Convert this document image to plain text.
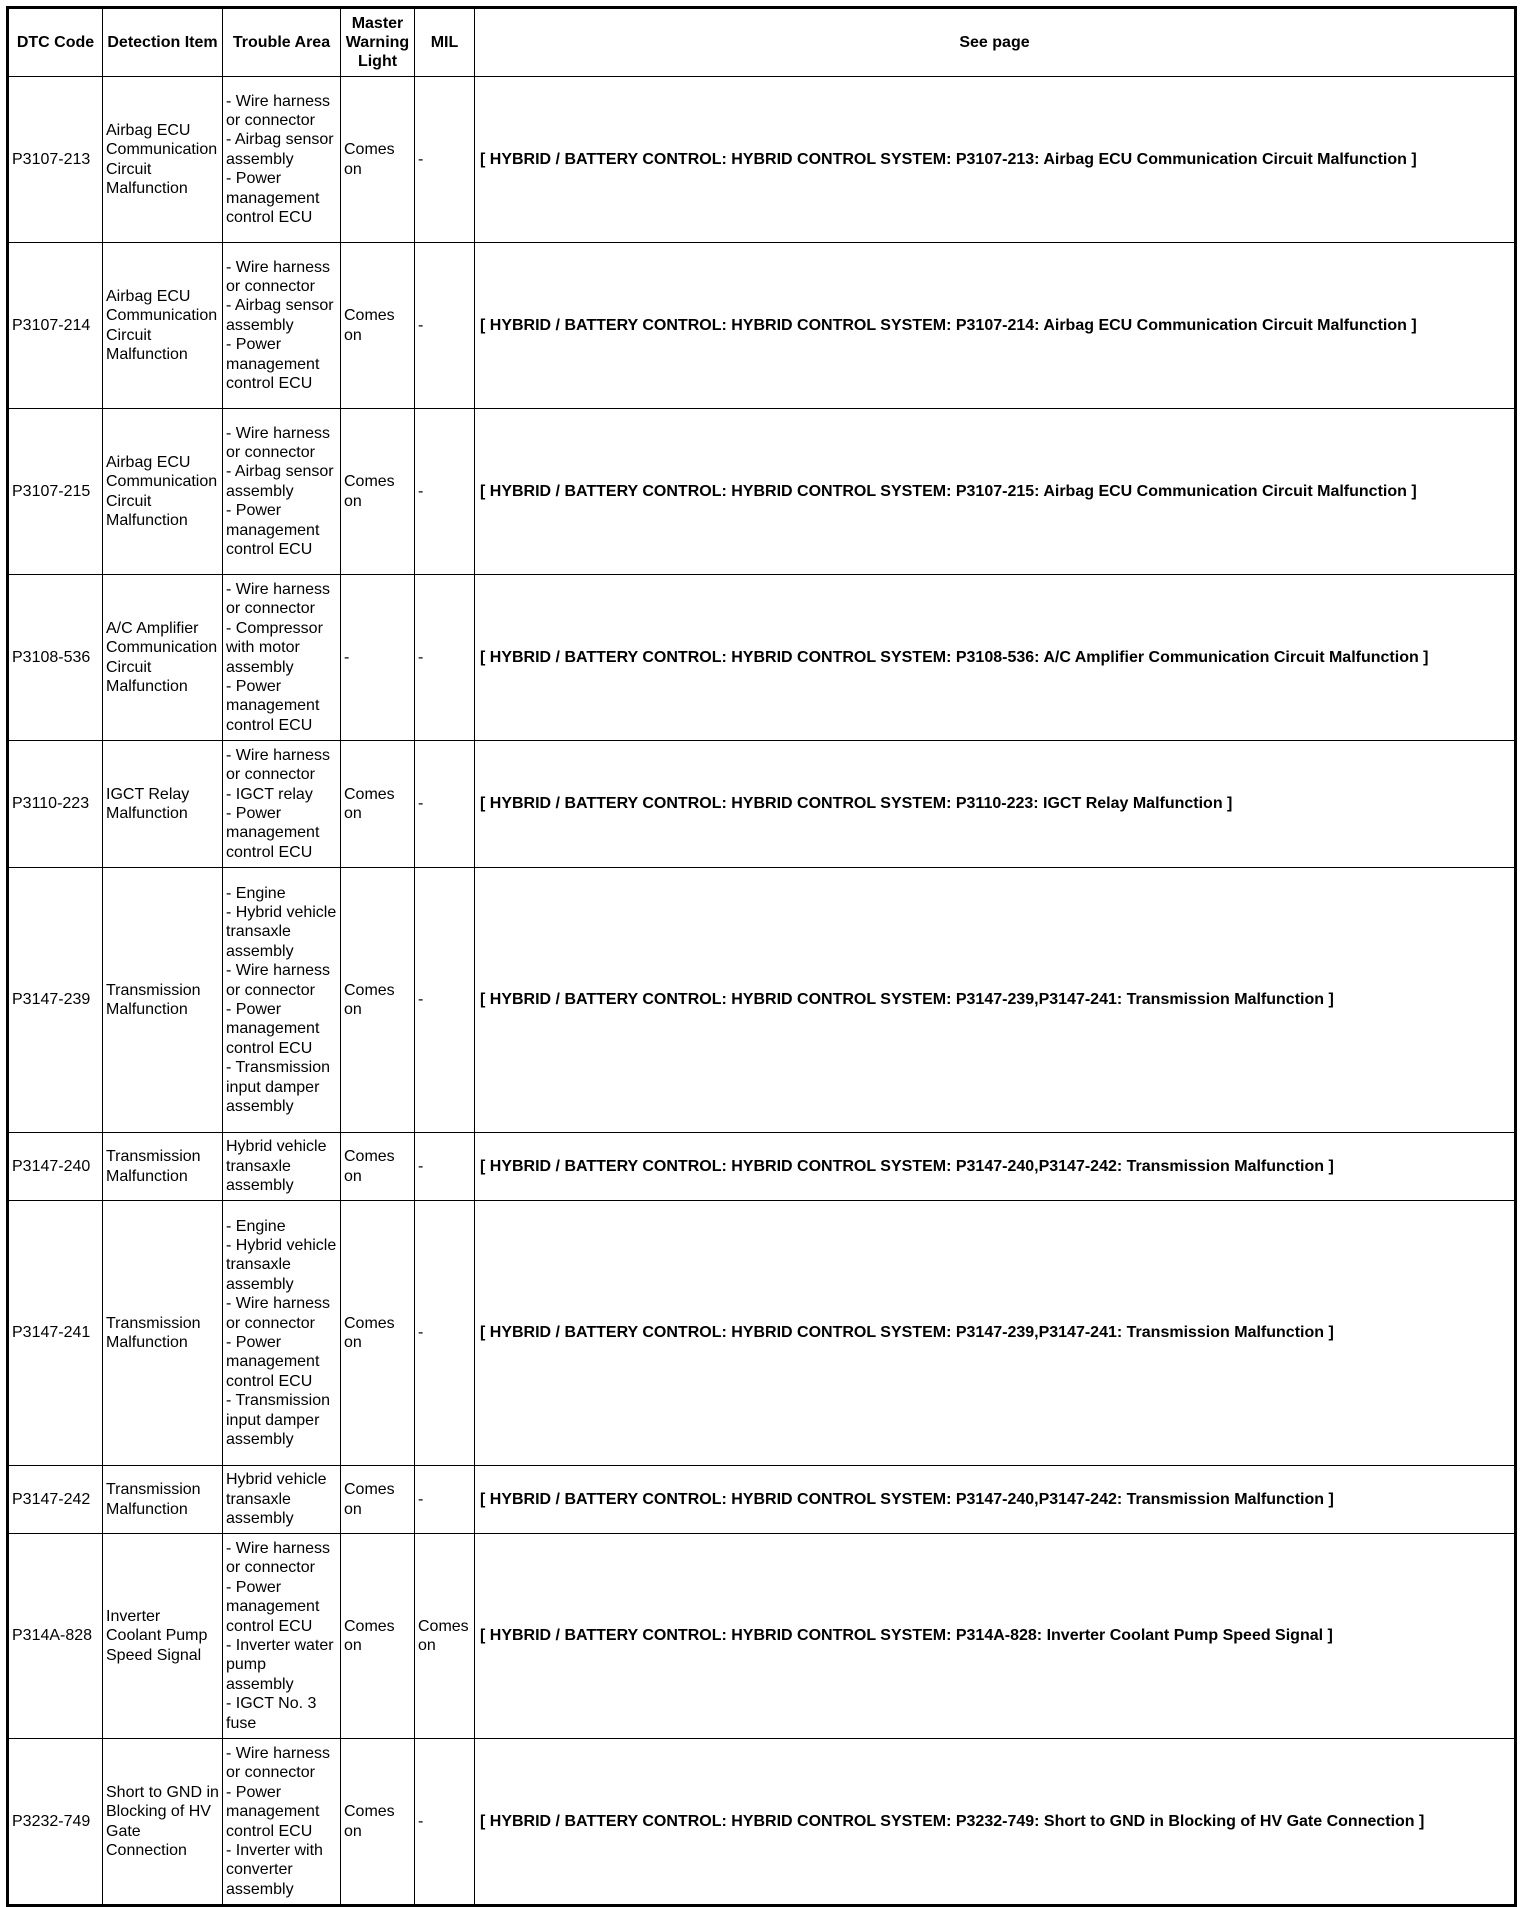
DTC Code	Detection Item	Trouble Area	Master
Warning
Light	MIL	See page
P3107-213	Airbag ECU Communication Circuit Malfunction	- Wire harness or connector
- Airbag sensor assembly
- Power management control ECU	Comes on	-	[ HYBRID / BATTERY CONTROL: HYBRID CONTROL SYSTEM: P3107-213: Airbag ECU Communication Circuit Malfunction ]
P3107-214	Airbag ECU Communication Circuit Malfunction	- Wire harness or connector
- Airbag sensor assembly
- Power management control ECU	Comes on	-	[ HYBRID / BATTERY CONTROL: HYBRID CONTROL SYSTEM: P3107-214: Airbag ECU Communication Circuit Malfunction ]
P3107-215	Airbag ECU Communication Circuit Malfunction	- Wire harness or connector
- Airbag sensor assembly
- Power management control ECU	Comes on	-	[ HYBRID / BATTERY CONTROL: HYBRID CONTROL SYSTEM: P3107-215: Airbag ECU Communication Circuit Malfunction ]
P3108-536	A/C Amplifier Communication Circuit Malfunction	- Wire harness or connector
- Compressor with motor assembly
- Power management control ECU	-	-	[ HYBRID / BATTERY CONTROL: HYBRID CONTROL SYSTEM: P3108-536: A/C Amplifier Communication Circuit Malfunction ]
P3110-223	IGCT Relay Malfunction	- Wire harness or connector
- IGCT relay
- Power management control ECU	Comes on	-	[ HYBRID / BATTERY CONTROL: HYBRID CONTROL SYSTEM: P3110-223: IGCT Relay Malfunction ]
P3147-239	Transmission Malfunction	- Engine
- Hybrid vehicle transaxle assembly
- Wire harness or connector
- Power management control ECU
- Transmission input damper assembly	Comes on	-	[ HYBRID / BATTERY CONTROL: HYBRID CONTROL SYSTEM: P3147-239,P3147-241: Transmission Malfunction ]
P3147-240	Transmission Malfunction	Hybrid vehicle transaxle assembly	Comes on	-	[ HYBRID / BATTERY CONTROL: HYBRID CONTROL SYSTEM: P3147-240,P3147-242: Transmission Malfunction ]
P3147-241	Transmission Malfunction	- Engine
- Hybrid vehicle transaxle assembly
- Wire harness or connector
- Power management control ECU
- Transmission input damper assembly	Comes on	-	[ HYBRID / BATTERY CONTROL: HYBRID CONTROL SYSTEM: P3147-239,P3147-241: Transmission Malfunction ]
P3147-242	Transmission Malfunction	Hybrid vehicle transaxle assembly	Comes on	-	[ HYBRID / BATTERY CONTROL: HYBRID CONTROL SYSTEM: P3147-240,P3147-242: Transmission Malfunction ]
P314A-828	Inverter Coolant Pump Speed Signal	- Wire harness or connector
- Power management control ECU
- Inverter water pump assembly
- IGCT No. 3 fuse	Comes on	Comes on	[ HYBRID / BATTERY CONTROL: HYBRID CONTROL SYSTEM: P314A-828: Inverter Coolant Pump Speed Signal ]
P3232-749	Short to GND in Blocking of HV Gate Connection	- Wire harness or connector
- Power management control ECU
- Inverter with converter assembly	Comes on	-	[ HYBRID / BATTERY CONTROL: HYBRID CONTROL SYSTEM: P3232-749: Short to GND in Blocking of HV Gate Connection ]
